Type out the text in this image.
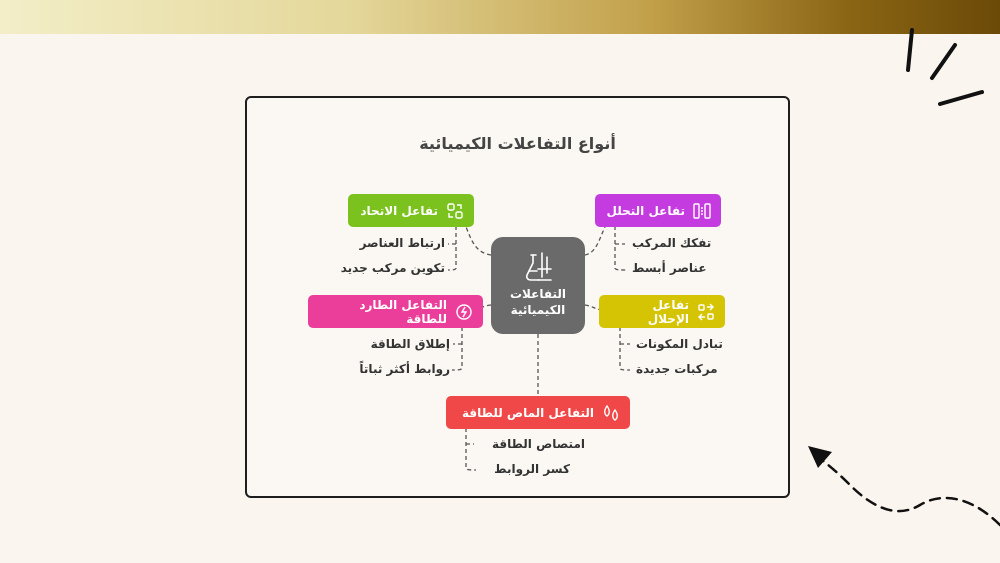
أنواع التفاعلات الكيميائية
التفاعلات
الكيميائية
تفاعل الاتحاد
ارتباط العناصر
تكوين مركب جديد
تفاعل التحلل
تفكك المركب
عناصر أبسط
التفاعل الطارد للطاقة
إطلاق الطاقة
روابط أكثر ثباتاً
تفاعل الإحلال
تبادل المكونات
مركبات جديدة
التفاعل الماص للطاقة
امتصاص الطاقة
كسر الروابط
